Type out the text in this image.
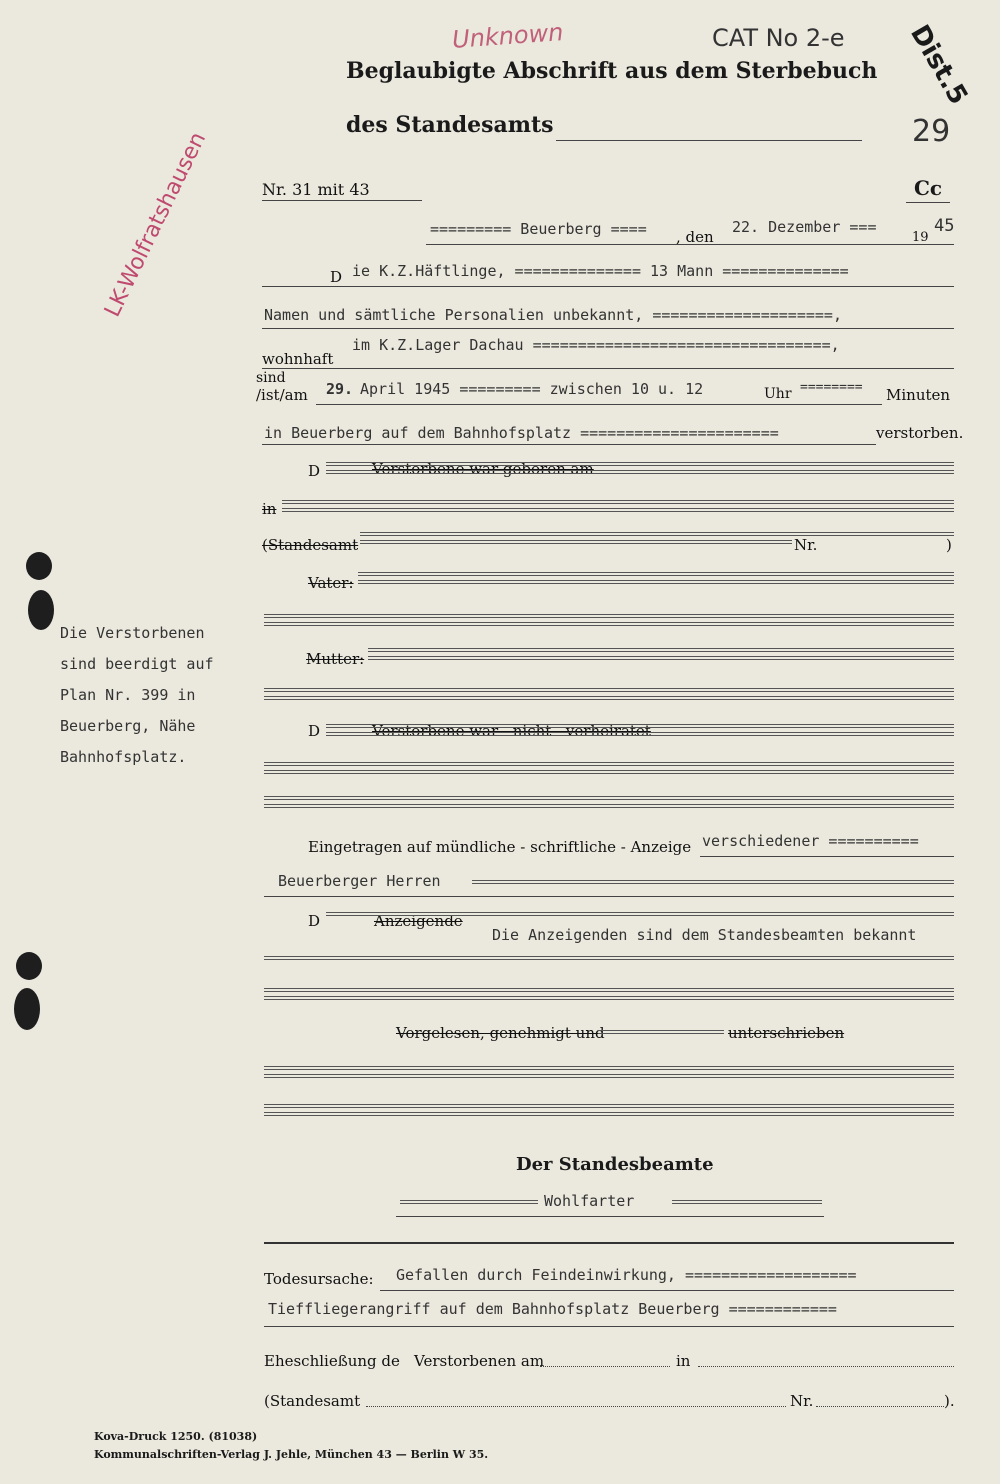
Unknown	CAT No 2-e Dist.5
Beglaubigte Abschrift aus dem Sterbebuch
des Standesamts	29
LK-Wolfratshausen	Nr. 31 mit 43	Cc
========= Beuerberg ==== , den
22. Dezember ===
19
45
D ie K.Z.Häftlinge, ============== 13 Mann ==============
Namen und sämtliche Personalien unbekannt, ====================,
wohnhaft
im K.Z.Lager Dachau =================================,
sind
/ist/am 29. April 1945 ========= zwischen 10 u. 12	Uhr ======== Minuten
in Beuerberg auf dem Bahnhofsplatz ======================	verstorben.
D	Verstorbene war geboren am
in
(Standesamt	Nr.	)
Vater:
Mutter:
D	Verstorbene war - nicht - verheiratet
Die Verstorbenen
sind beerdigt auf
Plan Nr. 399 in
Beuerberg, Nähe
Bahnhofsplatz.
Eingetragen auf mündliche - schriftliche - Anzeige verschiedener ==========
Beuerberger Herren
D	Anzeigende
Die Anzeigenden sind dem Standesbeamten bekannt
Vorgelesen, genehmigt und	unterschrieben
Der Standesbeamte
Wohlfarter
Todesursache: Gefallen durch Feindeinwirkung, ===================
Tieffliegerangriff auf dem Bahnhofsplatz Beuerberg ============
Eheschließung de Verstorbenen am	in
(Standesamt	Nr.	).
Kova-Druck 1250. (81038)
Kommunalschriften-Verlag J. Jehle, München 43 — Berlin W 35.
